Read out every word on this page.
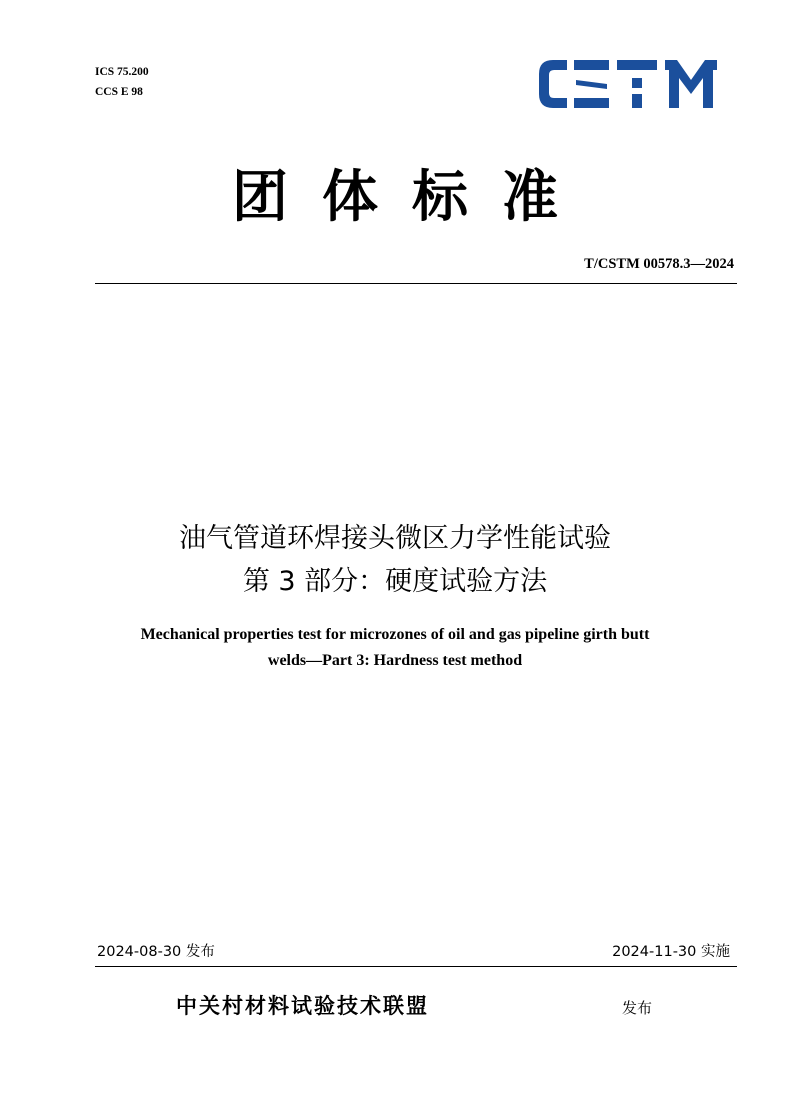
ICS 75.200
CCS E 98
团体标准
T/CSTM 00578.3—2024
油气管道环焊接头微区力学性能试验
第 3 部分：硬度试验方法
Mechanical properties test for microzones of oil and gas pipeline girth butt
welds—Part 3: Hardness test method
2024-08-30 发布	2024-11-30 实施
中关村材料试验技术联盟	发布
